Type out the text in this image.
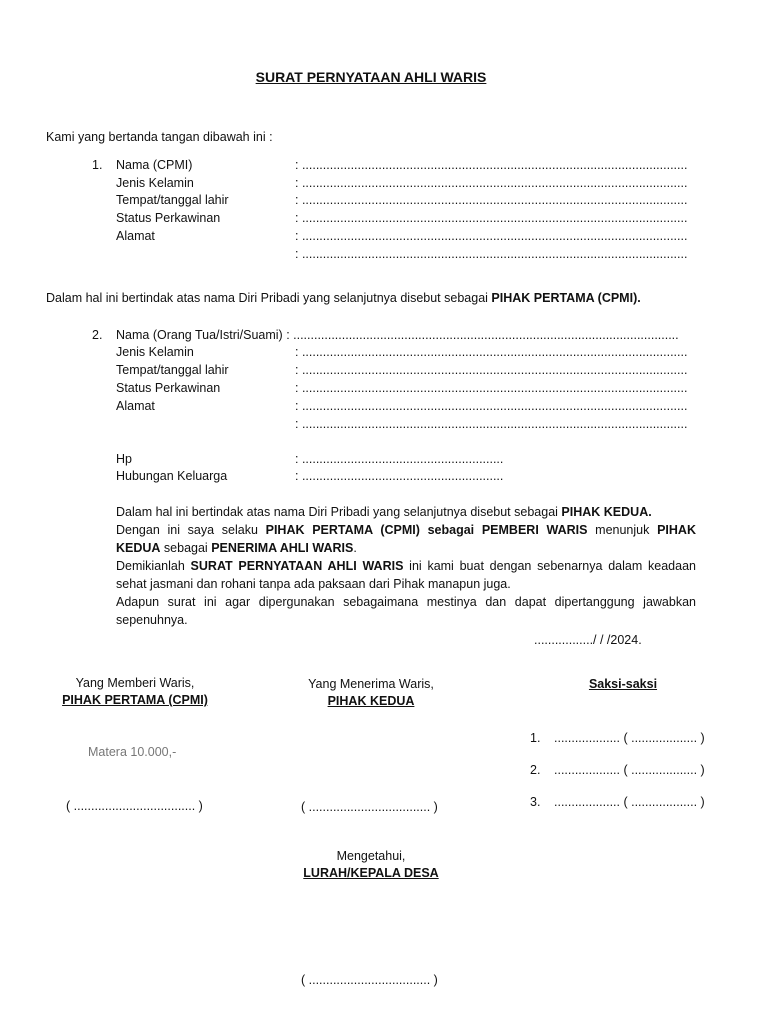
SURAT PERNYATAAN AHLI WARIS
Kami yang bertanda tangan dibawah ini :
1. Nama (CPMI)	: ...............................................................................................................
Jenis Kelamin	: ...............................................................................................................
Tempat/tanggal lahir	: ...............................................................................................................
Status Perkawinan	: ...............................................................................................................
Alamat	: ...............................................................................................................
: ...............................................................................................................
Dalam hal ini bertindak atas nama Diri Pribadi yang selanjutnya disebut sebagai PIHAK PERTAMA (CPMI).
2. Nama (Orang Tua/Istri/Suami) : ...............................................................................................................
Jenis Kelamin	: ...............................................................................................................
Tempat/tanggal lahir	: ...............................................................................................................
Status Perkawinan	: ...............................................................................................................
Alamat	: ...............................................................................................................
: ...............................................................................................................
Hp	: ..........................................................
Hubungan Keluarga	: ..........................................................
Dalam hal ini bertindak atas nama Diri Pribadi yang selanjutnya disebut sebagai PIHAK KEDUA.
Dengan ini saya selaku PIHAK PERTAMA (CPMI) sebagai PEMBERI WARIS menunjuk PIHAK KEDUA sebagai PENERIMA AHLI WARIS.
Demikianlah SURAT PERNYATAAN AHLI WARIS ini kami buat dengan sebenarnya dalam keadaan sehat jasmani dan rohani tanpa ada paksaan dari Pihak manapun juga.
Adapun surat ini agar dipergunakan sebagaimana mestinya dan dapat dipertanggung jawabkan sepenuhnya.
................./ / /2024.
Yang Memberi Waris,
PIHAK PERTAMA (CPMI)
Matera 10.000,-
( ................................... )
Yang Menerima Waris,
PIHAK KEDUA
( ................................... )
Saksi-saksi
1. ................... ( ................... )
2. ................... ( ................... )
3. ................... ( ................... )
Mengetahui,
LURAH/KEPALA DESA
( ................................... )
